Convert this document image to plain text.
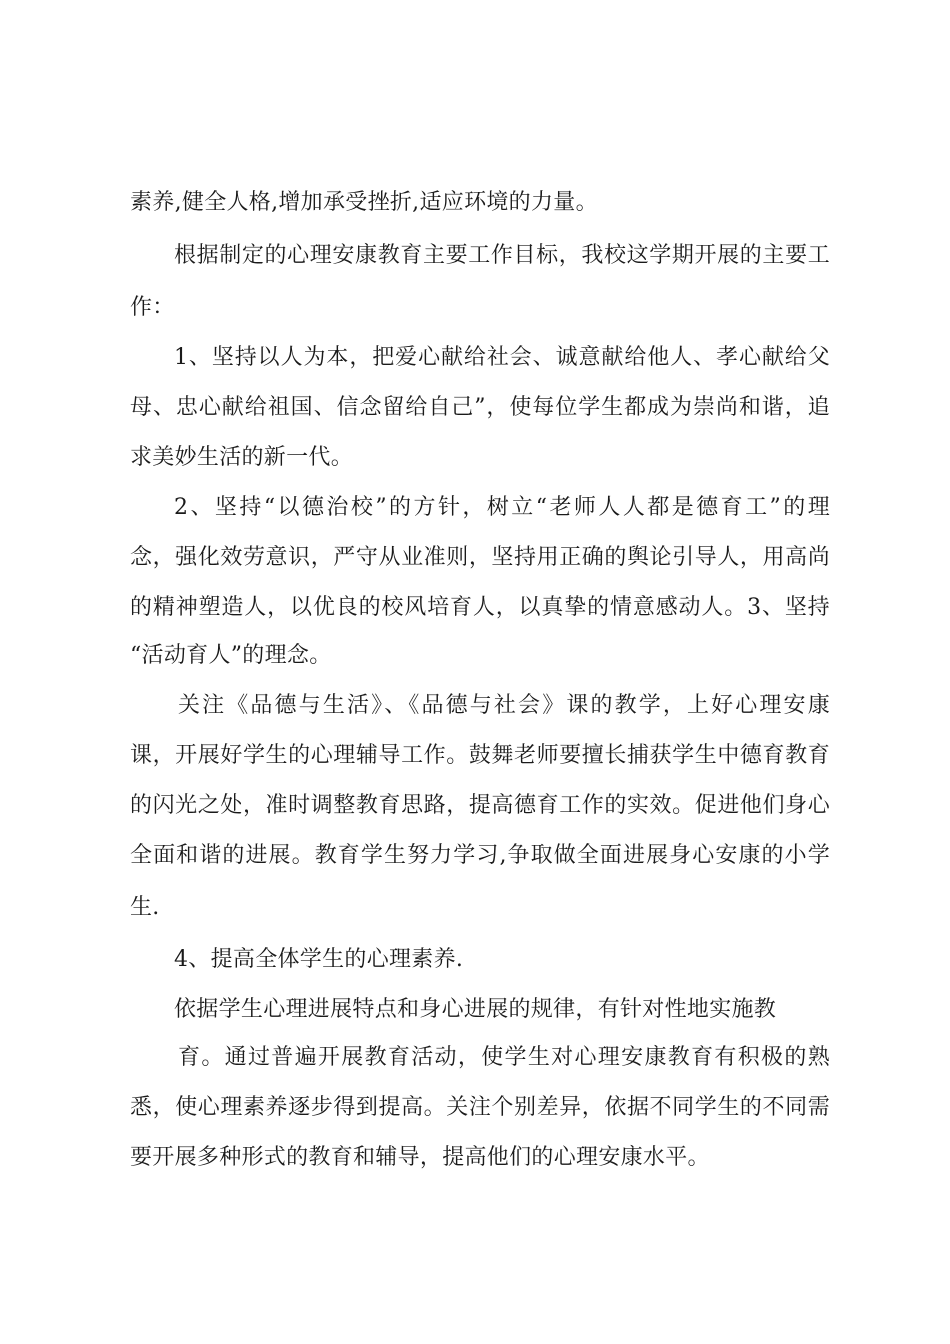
素养,健全人格,增加承受挫折,适应环境的力量。
根据制定的心理安康教育主要工作目标，我校这学期开展的主要工
作：
1、坚持以人为本，把爱心献给社会、诚意献给他人、孝心献给父
母、忠心献给祖国、信念留给自己”，使每位学生都成为崇尚和谐，追
求美妙生活的新一代。
2、坚持“以德治校”的方针，树立“老师人人都是德育工”的理
念，强化效劳意识，严守从业准则，坚持用正确的舆论引导人，用高尚
的精神塑造人，以优良的校风培育人，以真挚的情意感动人。3、坚持
“活动育人”的理念。
关注《品德与生活》、《品德与社会》课的教学，上好心理安康
课，开展好学生的心理辅导工作。鼓舞老师要擅长捕获学生中德育教育
的闪光之处，准时调整教育思路，提高德育工作的实效。促进他们身心
全面和谐的进展。教育学生努力学习,争取做全面进展身心安康的小学
生.
4、提高全体学生的心理素养.
依据学生心理进展特点和身心进展的规律，有针对性地实施教
育。通过普遍开展教育活动，使学生对心理安康教育有积极的熟
悉，使心理素养逐步得到提高。关注个别差异，依据不同学生的不同需
要开展多种形式的教育和辅导，提高他们的心理安康水平。
